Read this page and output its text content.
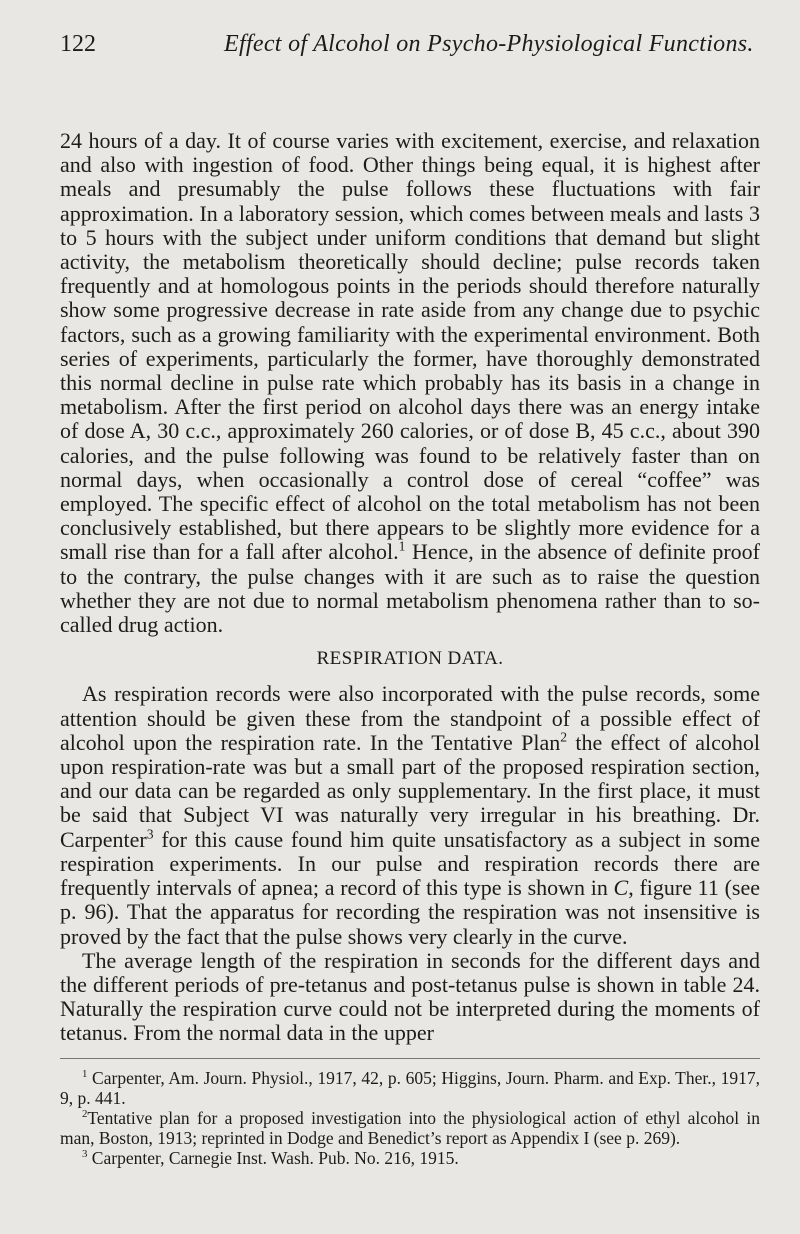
122	Effect of Alcohol on Psycho-Physiological Functions.

24 hours of a day. It of course varies with excitement, exercise, and relaxation and also with ingestion of food. Other things being equal, it is highest after meals and presumably the pulse follows these fluctuations with fair approximation. In a laboratory session, which comes between meals and lasts 3 to 5 hours with the subject under uniform conditions that demand but slight activity, the metabolism theoretically should decline; pulse records taken frequently and at homologous points in the periods should therefore naturally show some progressive decrease in rate aside from any change due to psychic factors, such as a growing familiarity with the experimental environment. Both series of experiments, particularly the former, have thoroughly demonstrated this normal decline in pulse rate which probably has its basis in a change in metabolism. After the first period on alcohol days there was an energy intake of dose A, 30 c.c., approximately 260 calories, or of dose B, 45 c.c., about 390 calories, and the pulse following was found to be relatively faster than on normal days, when occasionally a control dose of cereal “coffee” was employed. The specific effect of alcohol on the total metabolism has not been conclusively established, but there appears to be slightly more evidence for a small rise than for a fall after alcohol.$^1$ Hence, in the absence of definite proof to the contrary, the pulse changes with it are such as to raise the question whether they are not due to normal metabolism phenomena rather than to so-called drug action.

RESPIRATION DATA.

As respiration records were also incorporated with the pulse records, some attention should be given these from the standpoint of a possible effect of alcohol upon the respiration rate. In the Tentative Plan$^2$ the effect of alcohol upon respiration-rate was but a small part of the proposed respiration section, and our data can be regarded as only supplementary. In the first place, it must be said that Subject VI was naturally very irregular in his breathing. Dr. Carpenter$^3$ for this cause found him quite unsatisfactory as a subject in some respiration experiments. In our pulse and respiration records there are frequently intervals of apnea; a record of this type is shown in C, figure 11 (see p. 96). That the apparatus for recording the respiration was not insensitive is proved by the fact that the pulse shows very clearly in the curve.

The average length of the respiration in seconds for the different days and the different periods of pre-tetanus and post-tetanus pulse is shown in table 24. Naturally the respiration curve could not be interpreted during the moments of tetanus. From the normal data in the upper

$^1$ Carpenter, Am. Journ. Physiol., 1917, 42, p. 605; Higgins, Journ. Pharm. and Exp. Ther., 1917, 9, p. 441.

$^2$Tentative plan for a proposed investigation into the physiological action of ethyl alcohol in man, Boston, 1913; reprinted in Dodge and Benedict’s report as Appendix I (see p. 269).

$^3$ Carpenter, Carnegie Inst. Wash. Pub. No. 216, 1915.
